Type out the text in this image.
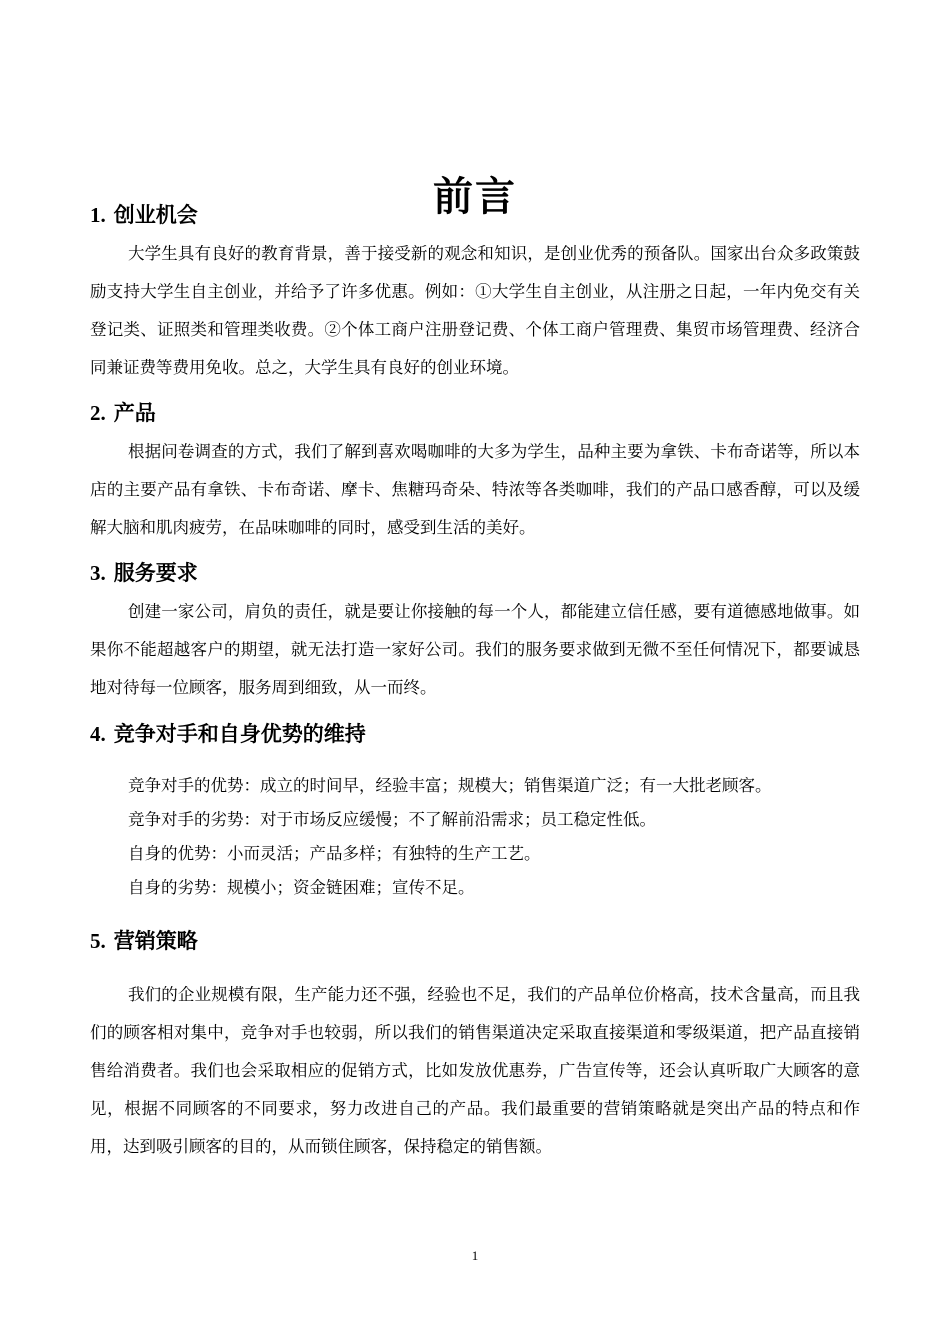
前言
1. 创业机会

大学生具有良好的教育背景，善于接受新的观念和知识，是创业优秀的预备队。国家出台众多政策鼓励支持大学生自主创业，并给予了许多优惠。例如：①大学生自主创业，从注册之日起，一年内免交有关登记类、证照类和管理类收费。②个体工商户注册登记费、个体工商户管理费、集贸市场管理费、经济合同兼证费等费用免收。总之，大学生具有良好的创业环境。

2. 产品

根据问卷调查的方式，我们了解到喜欢喝咖啡的大多为学生，品种主要为拿铁、卡布奇诺等，所以本店的主要产品有拿铁、卡布奇诺、摩卡、焦糖玛奇朵、特浓等各类咖啡，我们的产品口感香醇，可以及缓解大脑和肌肉疲劳，在品味咖啡的同时，感受到生活的美好。

3. 服务要求

创建一家公司，肩负的责任，就是要让你接触的每一个人，都能建立信任感，要有道德感地做事。如果你不能超越客户的期望，就无法打造一家好公司。我们的服务要求做到无微不至任何情况下，都要诚恳地对待每一位顾客，服务周到细致，从一而终。

4. 竞争对手和自身优势的维持

竞争对手的优势：成立的时间早，经验丰富；规模大；销售渠道广泛；有一大批老顾客。

竞争对手的劣势：对于市场反应缓慢；不了解前沿需求；员工稳定性低。

自身的优势：小而灵活；产品多样；有独特的生产工艺。

自身的劣势：规模小；资金链困难；宣传不足。

5. 营销策略

我们的企业规模有限，生产能力还不强，经验也不足，我们的产品单位价格高，技术含量高，而且我们的顾客相对集中，竞争对手也较弱，所以我们的销售渠道决定采取直接渠道和零级渠道，把产品直接销售给消费者。我们也会采取相应的促销方式，比如发放优惠券，广告宣传等，还会认真听取广大顾客的意见，根据不同顾客的不同要求，努力改进自己的产品。我们最重要的营销策略就是突出产品的特点和作用，达到吸引顾客的目的，从而锁住顾客，保持稳定的销售额。

1
